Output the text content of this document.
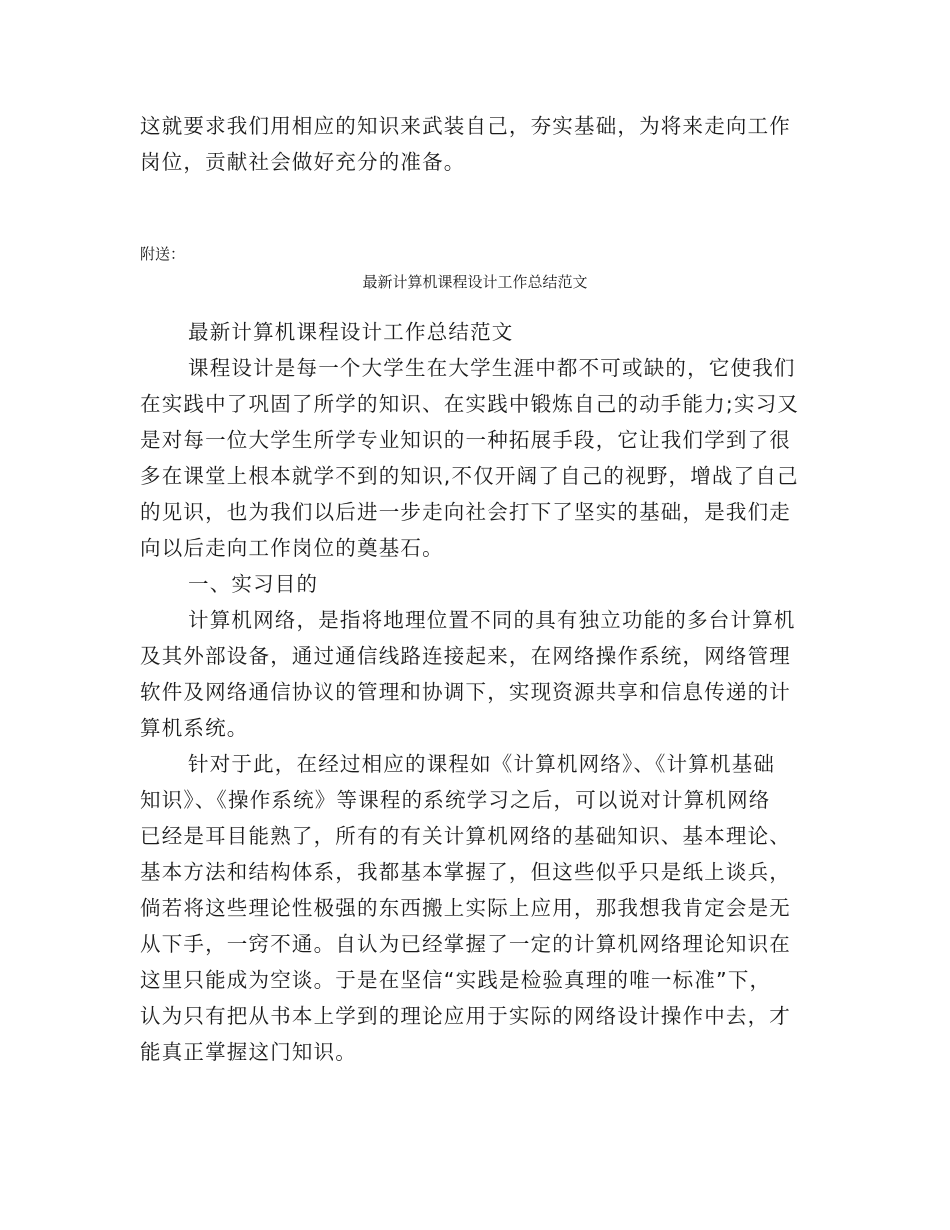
这就要求我们用相应的知识来武装自己，夯实基础，为将来走向工作
岗位，贡献社会做好充分的准备。
附送：
最新计算机课程设计工作总结范文
最新计算机课程设计工作总结范文
课程设计是每一个大学生在大学生涯中都不可或缺的，它使我们
在实践中了巩固了所学的知识、在实践中锻炼自己的动手能力;实习又
是对每一位大学生所学专业知识的一种拓展手段，它让我们学到了很
多在课堂上根本就学不到的知识,不仅开阔了自己的视野，增战了自己
的见识，也为我们以后进一步走向社会打下了坚实的基础，是我们走
向以后走向工作岗位的奠基石。
一、实习目的
计算机网络，是指将地理位置不同的具有独立功能的多台计算机
及其外部设备，通过通信线路连接起来，在网络操作系统，网络管理
软件及网络通信协议的管理和协调下，实现资源共享和信息传递的计
算机系统。
针对于此，在经过相应的课程如《计算机网络》、《计算机基础
知识》、《操作系统》等课程的系统学习之后，可以说对计算机网络
已经是耳目能熟了，所有的有关计算机网络的基础知识、基本理论、
基本方法和结构体系，我都基本掌握了，但这些似乎只是纸上谈兵，
倘若将这些理论性极强的东西搬上实际上应用，那我想我肯定会是无
从下手，一窍不通。自认为已经掌握了一定的计算机网络理论知识在
这里只能成为空谈。于是在坚信“实践是检验真理的唯一标准”下，
认为只有把从书本上学到的理论应用于实际的网络设计操作中去，才
能真正掌握这门知识。
